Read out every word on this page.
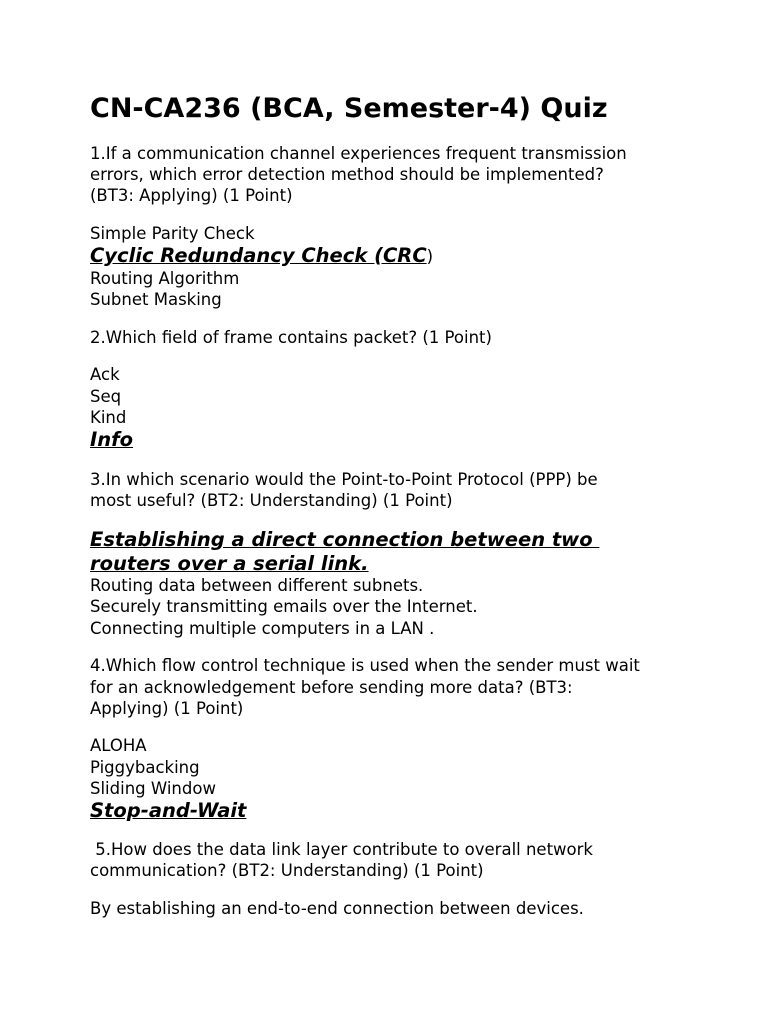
CN-CA236 (BCA, Semester-4) Quiz

1.If a communication channel experiences frequent transmission

errors, which error detection method should be implemented?

(BT3: Applying) (1 Point)

Simple Parity Check

Cyclic Redundancy Check (CRC)

Routing Algorithm

Subnet Masking

2.Which field of frame contains packet? (1 Point)

Ack

Seq

Kind

Info

3.In which scenario would the Point-to-Point Protocol (PPP) be

most useful? (BT2: Understanding) (1 Point)

Establishing a direct connection between two

routers over a serial link.

Routing data between different subnets.

Securely transmitting emails over the Internet.

Connecting multiple computers in a LAN .

4.Which flow control technique is used when the sender must wait

for an acknowledgement before sending more data? (BT3:

Applying) (1 Point)

ALOHA

Piggybacking

Sliding Window

Stop-and-Wait

5.How does the data link layer contribute to overall network

communication? (BT2: Understanding) (1 Point)

By establishing an end-to-end connection between devices.
